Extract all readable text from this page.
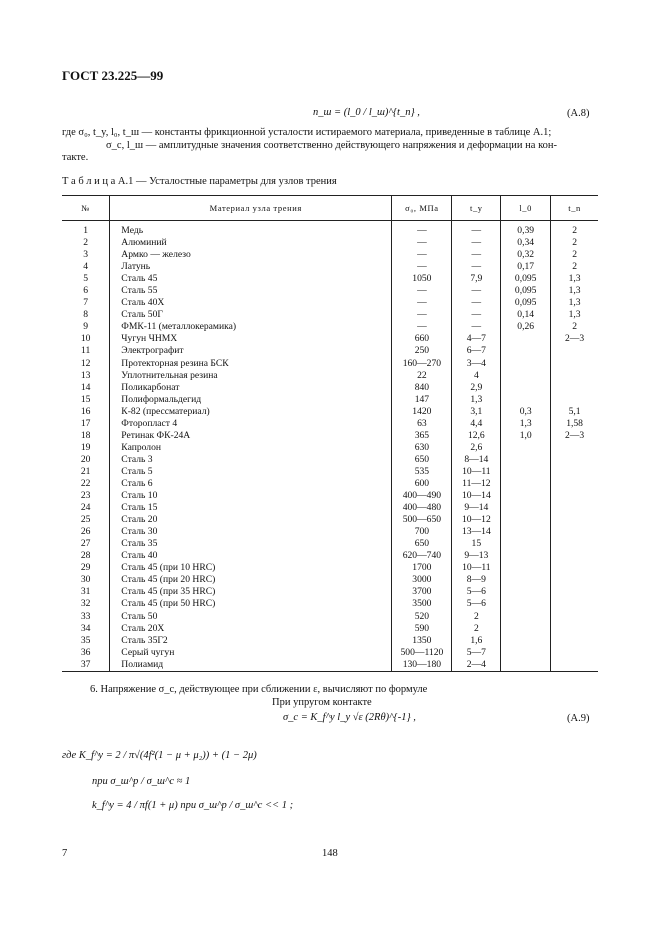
ГОСТ 23.225—99
n_ш = (l_0 / l_ш)^{t_n} ,	(A.8)
где σ₀, t_y, l₀, t_ш — константы фрикционной усталости истираемого материала, приведенные в таблице А.1;
σ_c, l_ш — амплитудные значения соответственно действующего напряжения и деформации на кон-
такте.
Т а б л и ц а А.1 — Усталостные параметры для узлов трения
№	Материал узла трения	σ₀, МПа	t_y	l_0	t_n
1	Медь	—	—	0,39	2
2	Алюминий	—	—	0,34	2
3	Армко — железо	—	—	0,32	2
4	Латунь	—	—	0,17	2
5	Сталь 45	1050	7,9	0,095	1,3
6	Сталь 55	—	—	0,095	1,3
7	Сталь 40Х	—	—	0,095	1,3
8	Сталь 50Г	—	—	0,14	1,3
9	ФМК-11 (металлокерамика)	—	—	0,26	2
10	Чугун ЧНМХ	660	4—7		2—3
11	Электрографит	250	6—7		
12	Протекторная резина БСК	160—270	3—4		
13	Уплотнительная резина	22	4		
14	Поликарбонат	840	2,9		
15	Полиформальдегид	147	1,3		
16	К-82 (прессматериал)	1420	3,1	0,3	5,1
17	Фторопласт 4	63	4,4	1,3	1,58
18	Ретинак ФК-24А	365	12,6	1,0	2—3
19	Капролон	630	2,6		
20	Сталь 3	650	8—14		
21	Сталь 5	535	10—11		
22	Сталь 6	600	11—12		
23	Сталь 10	400—490	10—14		
24	Сталь 15	400—480	9—14		
25	Сталь 20	500—650	10—12		
26	Сталь 30	700	13—14		
27	Сталь 35	650	15		
28	Сталь 40	620—740	9—13		
29	Сталь 45 (при 10 HRC)	1700	10—11		
30	Сталь 45 (при 20 HRC)	3000	8—9		
31	Сталь 45 (при 35 HRC)	3700	5—6		
32	Сталь 45 (при 50 HRC)	3500	5—6		
33	Сталь 50	520	2		
34	Сталь 20Х	590	2		
35	Сталь 35Г2	1350	1,6		
36	Серый чугун	500—1120	5—7		
37	Полиамид	130—180	2—4		
6. Напряжение σ_c, действующее при сближении ε, вычисляют по формуле
При упругом контакте
σ_c = K_f^y l_y √ε (2Rθ)^{-1} ,	(A.9)
где K_f^y = 2 / π√(4f²(1 − μ + μ₂)) + (1 − 2μ)
при σ_ш^p / σ_ш^c ≈ 1
k_f^y = 4 / πf(1 + μ) при σ_ш^p / σ_ш^c << 1 ;
7	148
